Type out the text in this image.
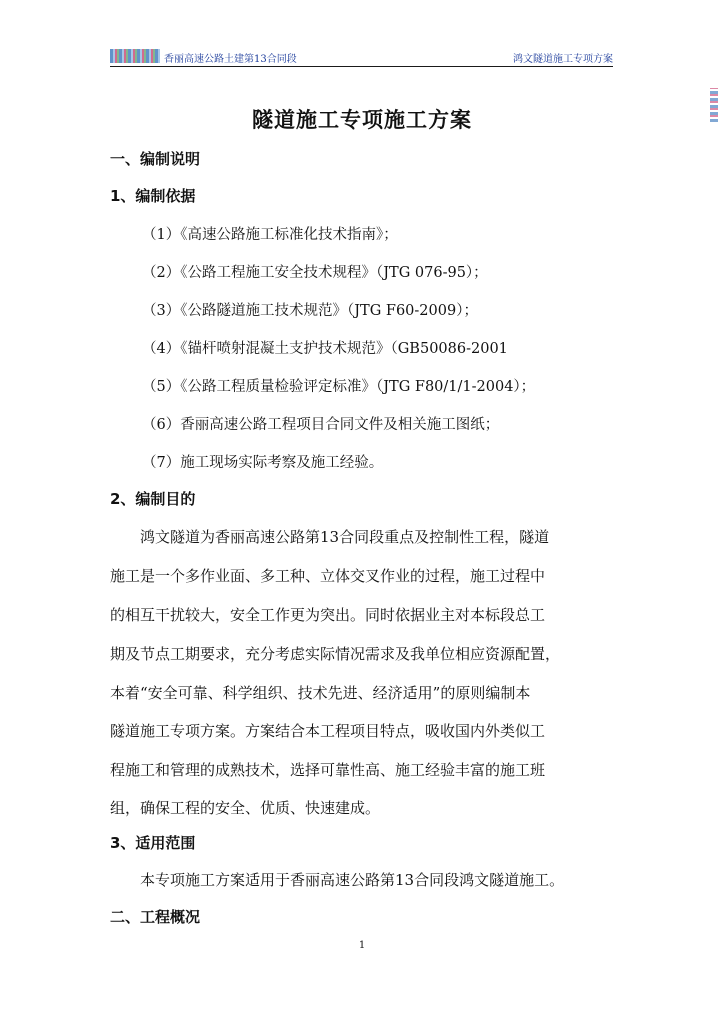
香丽高速公路土建第13合同段	鸿文隧道施工专项方案
隧道施工专项施工方案
一、编制说明
1、编制依据
（1）《高速公路施工标准化技术指南》；
（2）《公路工程施工安全技术规程》（JTG 076-95）；
（3）《公路隧道施工技术规范》（JTG F60-2009）；
（4）《锚杆喷射混凝土支护技术规范》（GB50086-2001
（5）《公路工程质量检验评定标准》（JTG F80/1/1-2004）；
（6）香丽高速公路工程项目合同文件及相关施工图纸；
（7）施工现场实际考察及施工经验。
2、编制目的
　　鸿文隧道为香丽高速公路第13合同段重点及控制性工程，隧道
施工是一个多作业面、多工种、立体交叉作业的过程，施工过程中
的相互干扰较大，安全工作更为突出。同时依据业主对本标段总工
期及节点工期要求，充分考虑实际情况需求及我单位相应资源配置，
本着“安全可靠、科学组织、技术先进、经济适用”的原则编制本
隧道施工专项方案。方案结合本工程项目特点，吸收国内外类似工
程施工和管理的成熟技术，选择可靠性高、施工经验丰富的施工班
组，确保工程的安全、优质、快速建成。
3、适用范围
　　本专项施工方案适用于香丽高速公路第13合同段鸿文隧道施工。
二、工程概况
1
